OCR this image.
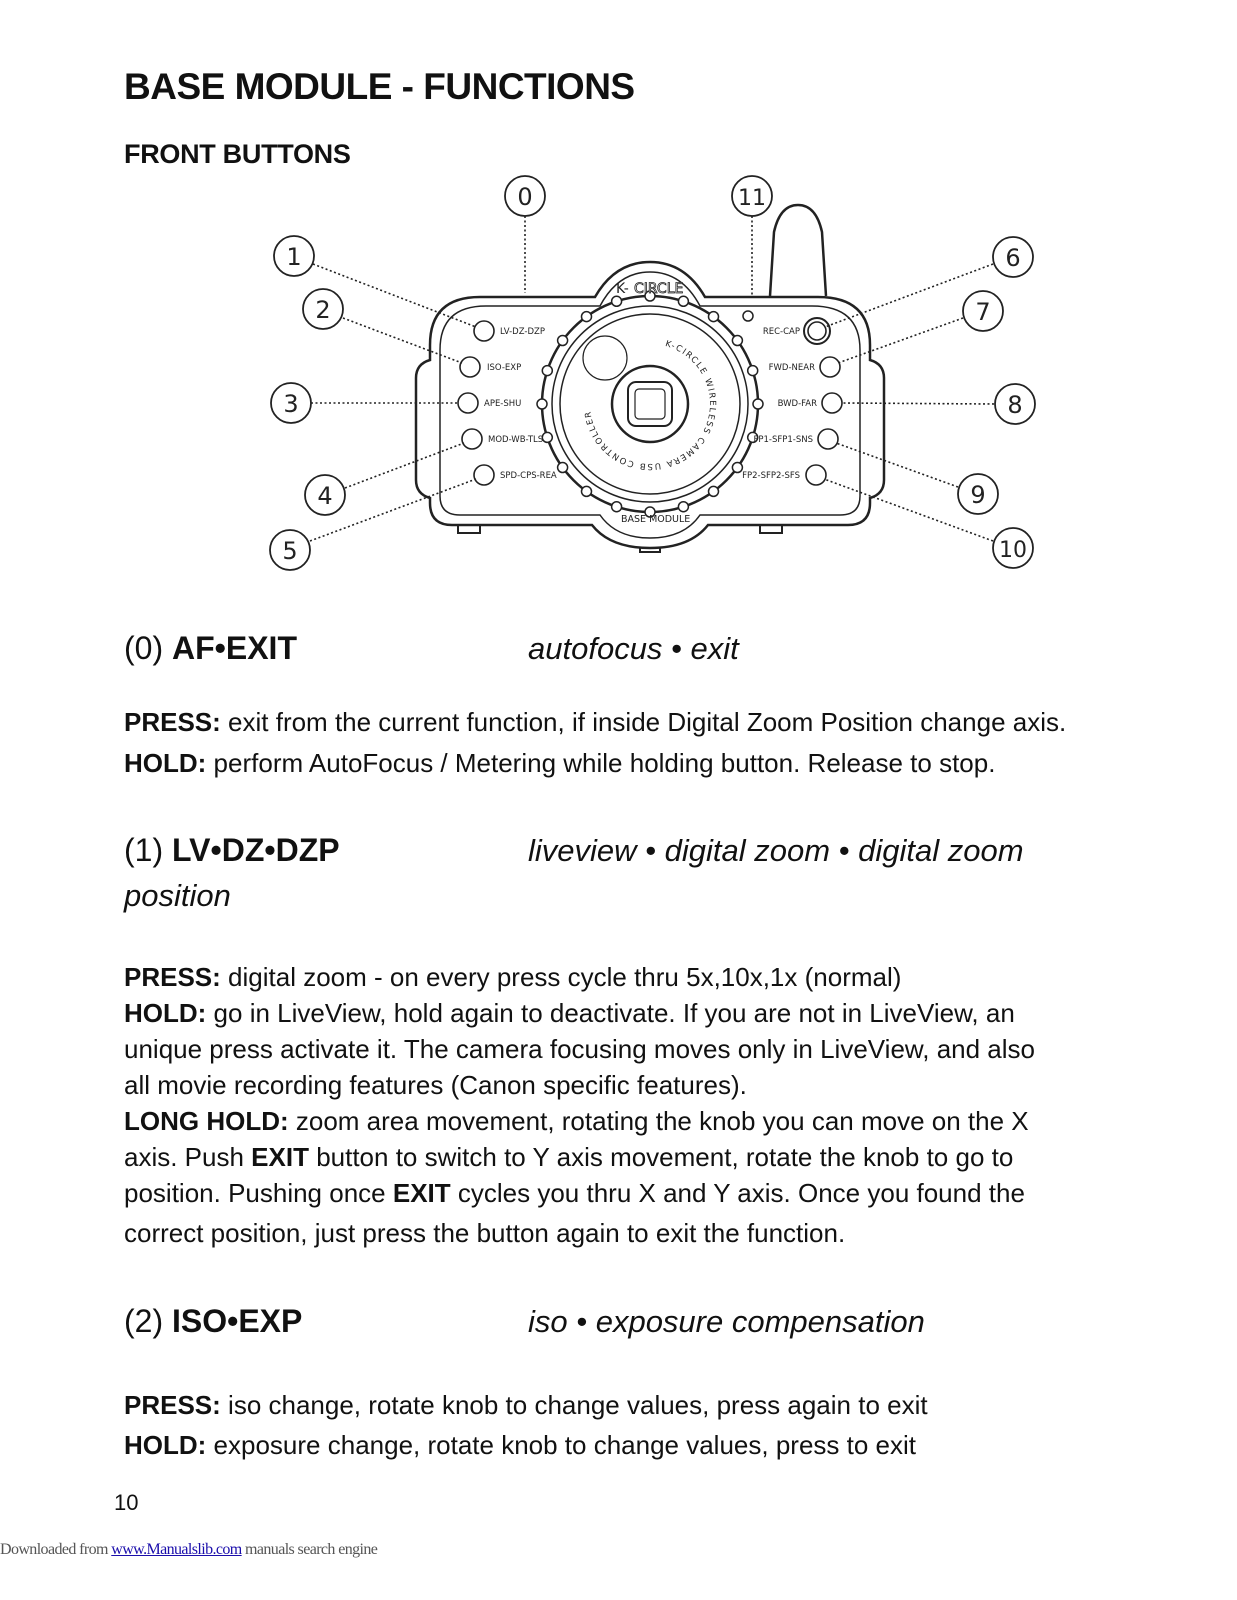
BASE MODULE - FUNCTIONS
FRONT BUTTONS
K-CIRCLE WIRELESS CAMERA USB CONTROLLER
K- CIRCLE
BASE MODULE
LV-DZ-DZP
ISO-EXP
APE-SHU
MOD-WB-TLS
SPD-CPS-REA
REC-CAP
FWD-NEAR
BWD-FAR
FP1-SFP1-SNS
FP2-SFP2-SFS
0
1
2
3
4
5
6
7
8
9
10
11
(0) AF•EXIT	autofocus • exit
PRESS: exit from the current function, if inside Digital Zoom Position change axis.
HOLD: perform AutoFocus / Metering while holding button. Release to stop.
(1) LV•DZ•DZP	liveview • digital zoom • digital zoom
position
PRESS: digital zoom - on every press cycle thru 5x,10x,1x (normal)
HOLD: go in LiveView, hold again to deactivate. If you are not in LiveView, an
unique press activate it. The camera focusing moves only in LiveView, and also
all movie recording features (Canon specific features).
LONG HOLD: zoom area movement, rotating the knob you can move on the X
axis. Push EXIT button to switch to Y axis movement, rotate the knob to go to
position. Pushing once EXIT cycles you thru X and Y axis. Once you found the
correct position, just press the button again to exit the function.
(2) ISO•EXP	iso • exposure compensation
PRESS: iso change, rotate knob to change values, press again to exit
HOLD: exposure change, rotate knob to change values, press to exit
10
Downloaded from www.Manualslib.com manuals search engine
